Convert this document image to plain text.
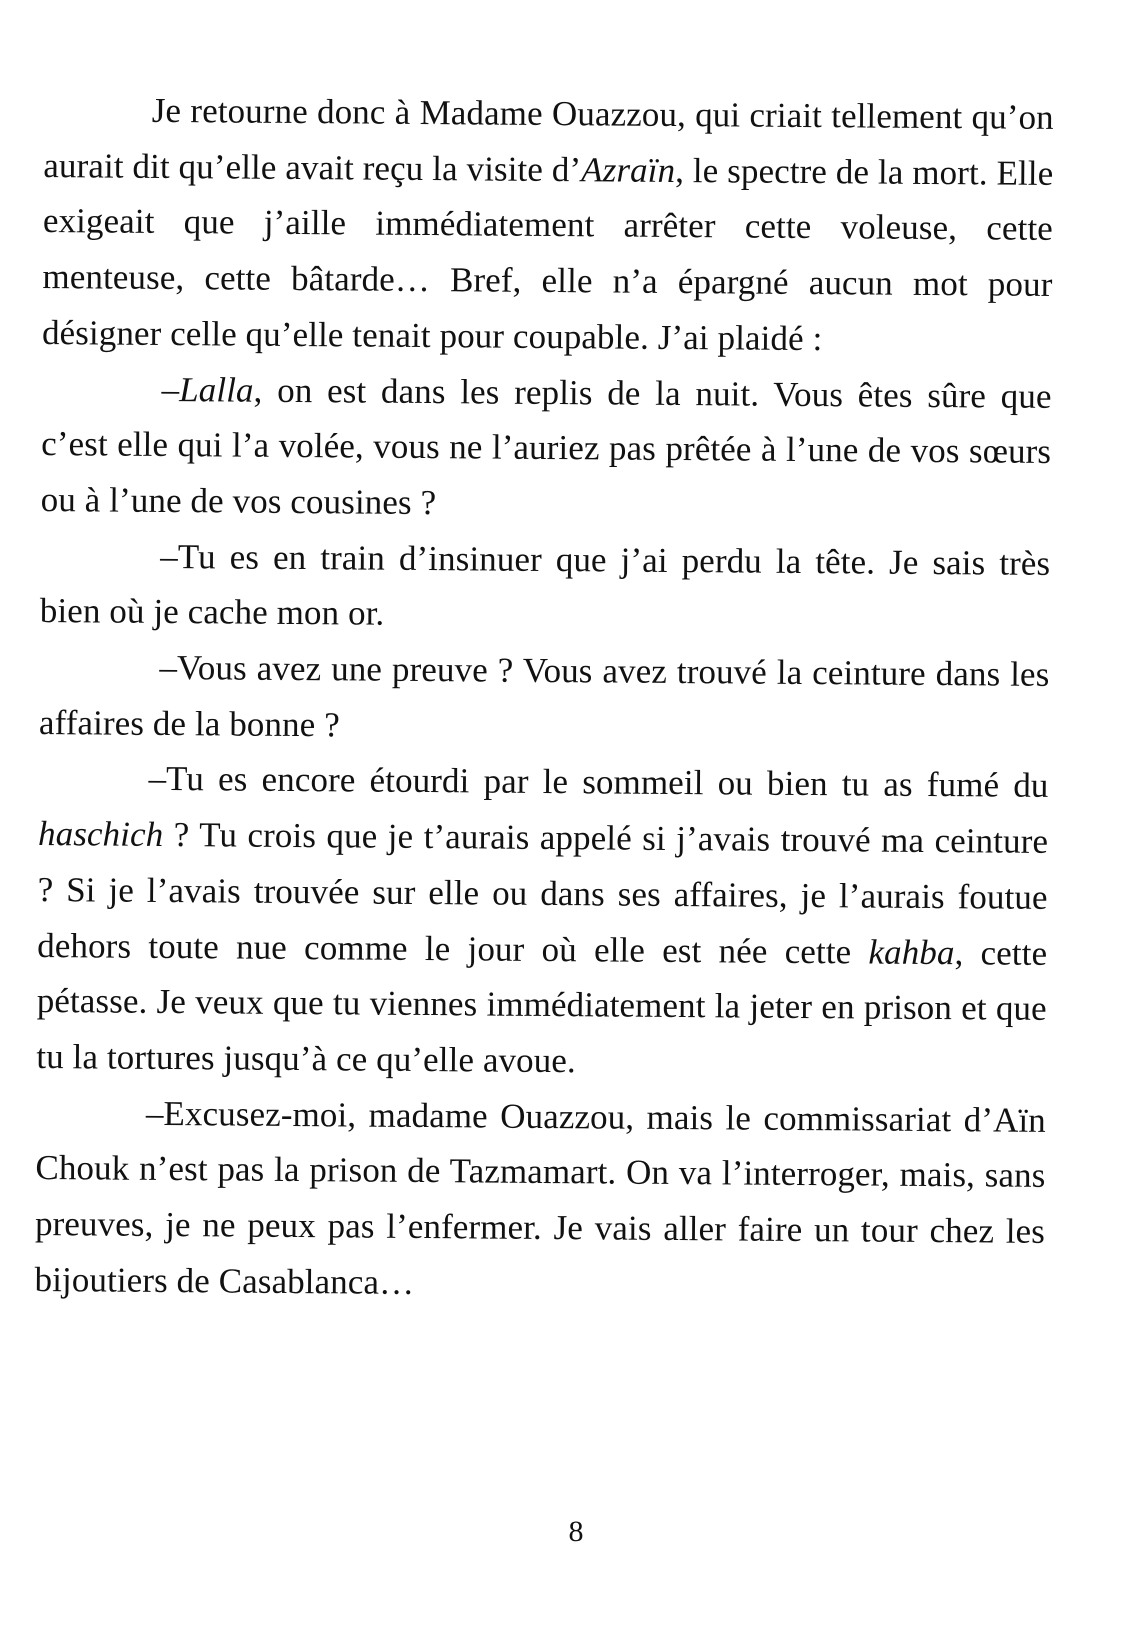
Je retourne donc à Madame Ouazzou, qui criait tellement qu’on aurait dit qu’elle avait reçu la visite d’Azraïn, le spectre de la mort. Elle exigeait que j’aille immédiatement arrêter cette voleuse, cette menteuse, cette bâtarde… Bref, elle n’a épargné aucun mot pour désigner celle qu’elle tenait pour coupable. J’ai plaidé :

–Lalla, on est dans les replis de la nuit. Vous êtes sûre que c’est elle qui l’a volée, vous ne l’auriez pas prêtée à l’une de vos sœurs ou à l’une de vos cousines ?

–Tu es en train d’insinuer que j’ai perdu la tête. Je sais très bien où je cache mon or.

–Vous avez une preuve ? Vous avez trouvé la ceinture dans les affaires de la bonne ?

–Tu es encore étourdi par le sommeil ou bien tu as fumé du haschich ? Tu crois que je t’aurais appelé si j’avais trouvé ma ceinture ? Si je l’avais trouvée sur elle ou dans ses affaires, je l’aurais foutue dehors toute nue comme le jour où elle est née cette kahba, cette pétasse. Je veux que tu viennes immédiatement la jeter en prison et que tu la tortures jusqu’à ce qu’elle avoue.

–Excusez-moi, madame Ouazzou, mais le commissariat d’Aïn Chouk n’est pas la prison de Tazmamart. On va l’interroger, mais, sans preuves, je ne peux pas l’enfermer. Je vais aller faire un tour chez les bijoutiers de Casablanca…

8
